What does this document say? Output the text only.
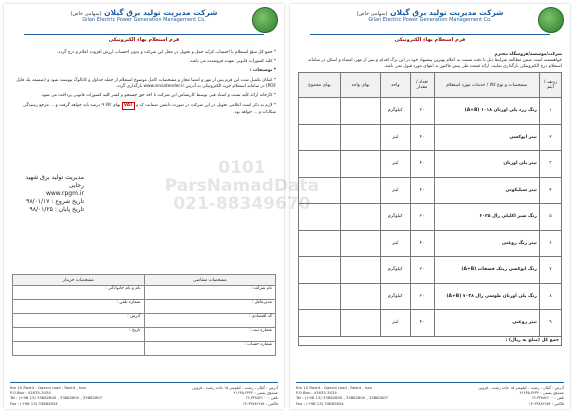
شرکت مدیریت تولید برق گیلان (سهامی خاص)
Gilan Electric Power Generation Management Co.
فرم استعلام بهاء الکترونیکی
شرکت/موسسه/فروشگاه محترم
خواهشمند است ضمن مطالعه شرایط ذیل با دقت نسبت به اعلام بهترین پیشنهاد خود در این برگ اقدام و پس از مهر، امضاء و اسکن در سامانه استعلام درج الکترونیکی بارگذاری نمایید، ارائه قیمت طی پیش فاکتور به انتهای مورد قبول نمی باشد.
ردیف / آیتم	مشخصات و نوع کالا / خدمات مورد استعلام	تعداد / مقدار	واحد	بهای واحد	بهای مجموع
۱	رنگ زرد پلی اورتان ۱۰۱۸ (A+B)	۲۰	کیلوگرم		
۲	تینر اپوکسی	۴۰	لیتر		
۳	تینر پلی اورتان	۴۰	لیتر		
۴	تینر سیلیکونی	۴۰	لیتر		
۵	رنگ سبز اکلیلی رال ۶۰۲۵	۲۰	کیلوگرم		
۶	تینر رنگ روغنی	۴۰	لیتر		
۷	رنگ اپوکسی زینک فسفات (A+B)	۲۰	کیلوگرم		
۸	رنگ پلی اورتان طوسی رال ۷۰۳۸ (A+B)	۲۰	کیلوگرم		
۹	تینر روغنی	۴۰	لیتر		
جمع کل (مبلغ به ریال) :					
Km 15 Rasht - Qazvin road , Rasht , Iran
P.O.Box : 41635-3434
Tel : (+98 13) 33882600 , 33882800 , 33882807
Fax : (+98 13) 33882654
آدرس : گیلان ، رشت - کیلومتر ۱۵ جاده رشت - قزوین
صندوق پستی : ۳۴۳۴-۴۱۶۳۵
تلفن : ۳۳۸۸۲۶۰۰-۱۳
فاکس : ۳۳۸۸۲۶۵۴-۱۳
شرکت مدیریت تولید برق گیلان (سهامی خاص)
Gilan Electric Power Generation Management Co.
فرم استعلام بهاء الکترونیکی

* جمع کل مبلغ استعلام با احتساب کرایه حمل و تحویل در محل این شرکت و بدون احتساب ارزش افزوده اعلام و درج گردد.

* کلیه کسورات قانونی بعهده فروشنده می باشد.

* توضیحات :

* امکان تکمیل شده این فرم پس از مهر و امضا مجاز و مشخصات کامل موضوع استعلام از جمله جداول و کاتالوگ پیوست شود و (ضمیمه یک فایل PDF) در سامانه استعلام خرید الکترونیکی به آدرس www.sinsatender.ir بارگذاری گردد.

* کارخانه ارائه کلیه تست و اسناد فنی توسط کارشناس این شرکت با اخذ حق جستجو و کسر کلیه کسورات قانونی پرداخت می شود.

* لازم به ذکر است اعلامی تحویل در این شرکت در صورت داشتن ضمانت کد و VAT بهای کالا ۹ درصد باید خواهد گرفت و ... مرجع رسیدگی شکایات و ... خواهد بود.

مدیریت تولید برق شهید رجایی
www.rpgm.ir
تاریخ شروع : ۹۸/۰۱/۱۷
تاریخ پایان : ۹۸/۰۱/۲۵
مشخصات متقاضی	مشخصات خریدار
نام شرکت :	نام و نام خانوادگی :
مدیرعامل :	شماره تلفن :
کد اقتصادی :	آدرس :
شماره ثبت :	تاریخ :
شماره حساب :	
Km 15 Rasht - Qazvin road , Rasht , Iran
P.O.Box : 41635-3434
Tel : (+98 13) 33882600 , 33882800 , 33882807
Fax : (+98 13) 33882654
آدرس : گیلان ، رشت - کیلومتر ۱۵ جاده رشت - قزوین
صندوق پستی : ۳۴۳۴-۴۱۶۳۵
تلفن : ۳۳۸۸۲۶۰۰-۱۳
فاکس : ۳۳۸۸۲۶۵۴-۱۳
